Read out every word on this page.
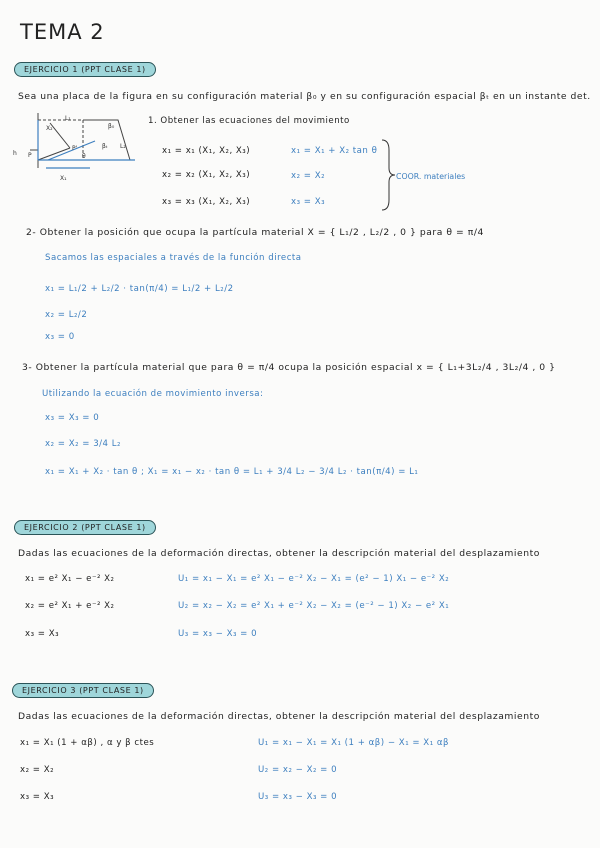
TEMA 2
EJERCICIO 1 (PPT CLASE 1)
Sea una placa de la figura en su configuración material β₀ y en su configuración espacial βₜ en un instante det.
X₂
L₁
β₀
βₜ L₂
h P
P'
θ
X₁
1. Obtener las ecuaciones del movimiento
x₁ = x₁ (X₁, X₂, X₃)
x₂ = x₂ (X₁, X₂, X₃)
x₃ = x₃ (X₁, X₂, X₃)
x₁ = X₁ + X₂ tan θ
x₂ = X₂
x₃ = X₃
COOR. materiales
2- Obtener la posición que ocupa la partícula material X = { L₁/2 , L₂/2 , 0 } para θ = π/4
Sacamos las espaciales a través de la función directa
x₁ = L₁/2 + L₂/2 · tan(π/4) = L₁/2 + L₂/2
x₂ = L₂/2
x₃ = 0
3- Obtener la partícula material que para θ = π/4 ocupa la posición espacial x = { L₁+3L₂/4 , 3L₂/4 , 0 }
Utilizando la ecuación de movimiento inversa:
x₃ = X₃ = 0
x₂ = X₂ = 3/4 L₂
x₁ = X₁ + X₂ · tan θ ; X₁ = x₁ − x₂ · tan θ = L₁ + 3/4 L₂ − 3/4 L₂ · tan(π/4) = L₁
EJERCICIO 2 (PPT CLASE 1)
Dadas las ecuaciones de la deformación directas, obtener la descripción material del desplazamiento
x₁ = e² X₁ − e⁻² X₂
x₂ = e² X₁ + e⁻² X₂
x₃ = X₃
U₁ = x₁ − X₁ = e² X₁ − e⁻² X₂ − X₁ = (e² − 1) X₁ − e⁻² X₂
U₂ = x₂ − X₂ = e² X₁ + e⁻² X₂ − X₂ = (e⁻² − 1) X₂ − e² X₁
U₃ = x₃ − X₃ = 0
EJERCICIO 3 (PPT CLASE 1)
Dadas las ecuaciones de la deformación directas, obtener la descripción material del desplazamiento
x₁ = X₁ (1 + αβ) , α y β ctes
x₂ = X₂
x₃ = X₃
U₁ = x₁ − X₁ = X₁ (1 + αβ) − X₁ = X₁ αβ
U₂ = x₂ − X₂ = 0
U₃ = x₃ − X₃ = 0
